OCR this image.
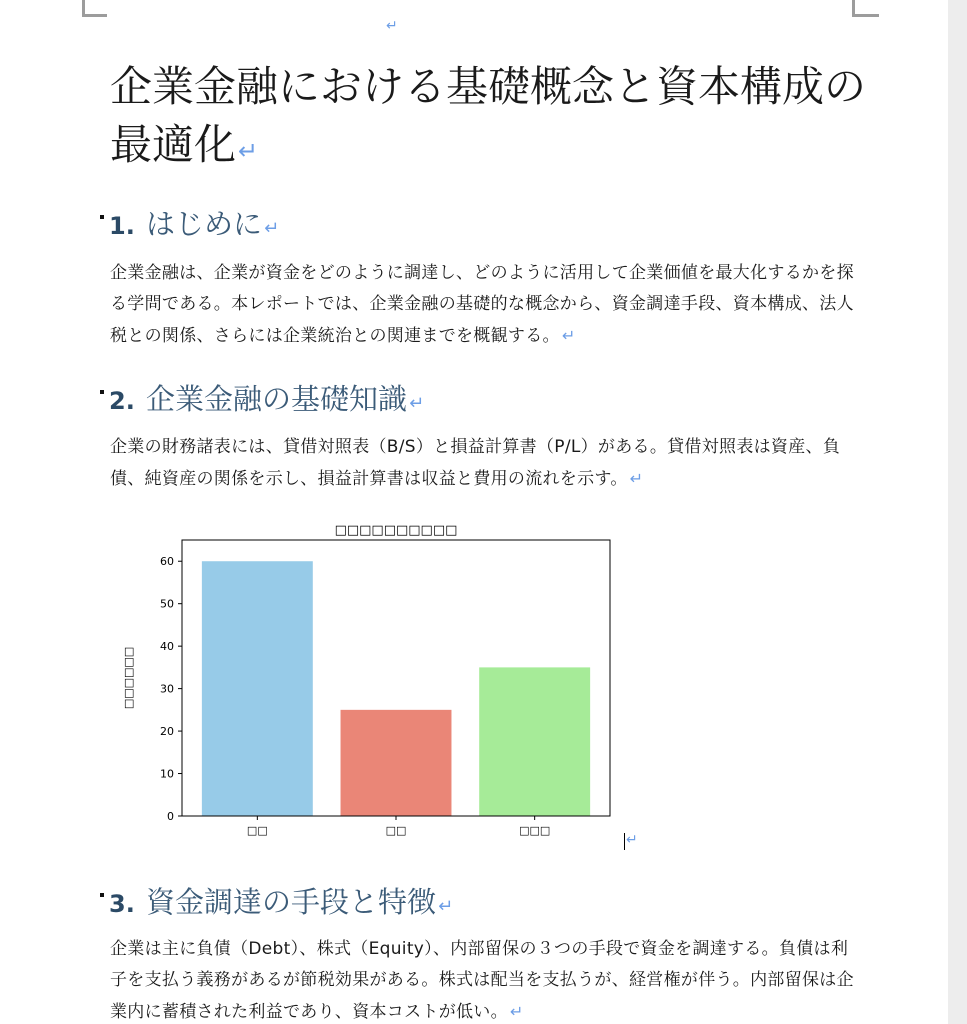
↵
企業金融における基礎概念と資本構成の最適化↵
1. はじめに ↵

企業金融は、企業が資金をどのように調達し、どのように活用して企業価値を最大化するかを探る学問である。本レポートでは、企業金融の基礎的な概念から、資金調達手段、資本構成、法人税との関係、さらには企業統治との関連までを概観する。 ↵

2. 企業金融の基礎知識 ↵

企業の財務諸表には、貸借対照表（B/S）と損益計算書（P/L）がある。貸借対照表は資産、負債、純資産の関係を示し、損益計算書は収益と費用の流れを示す。 ↵

□□□□□□□□□□
□□□□□□
□□	□□	□□□
0
10
20
30
40
50
60
↵
3. 資金調達の手段と特徴 ↵

企業は主に負債（Debt）、株式（Equity）、内部留保の３つの手段で資金を調達する。負債は利子を支払う義務があるが節税効果がある。株式は配当を支払うが、経営権が伴う。内部留保は企業内に蓄積された利益であり、資本コストが低い。 ↵
